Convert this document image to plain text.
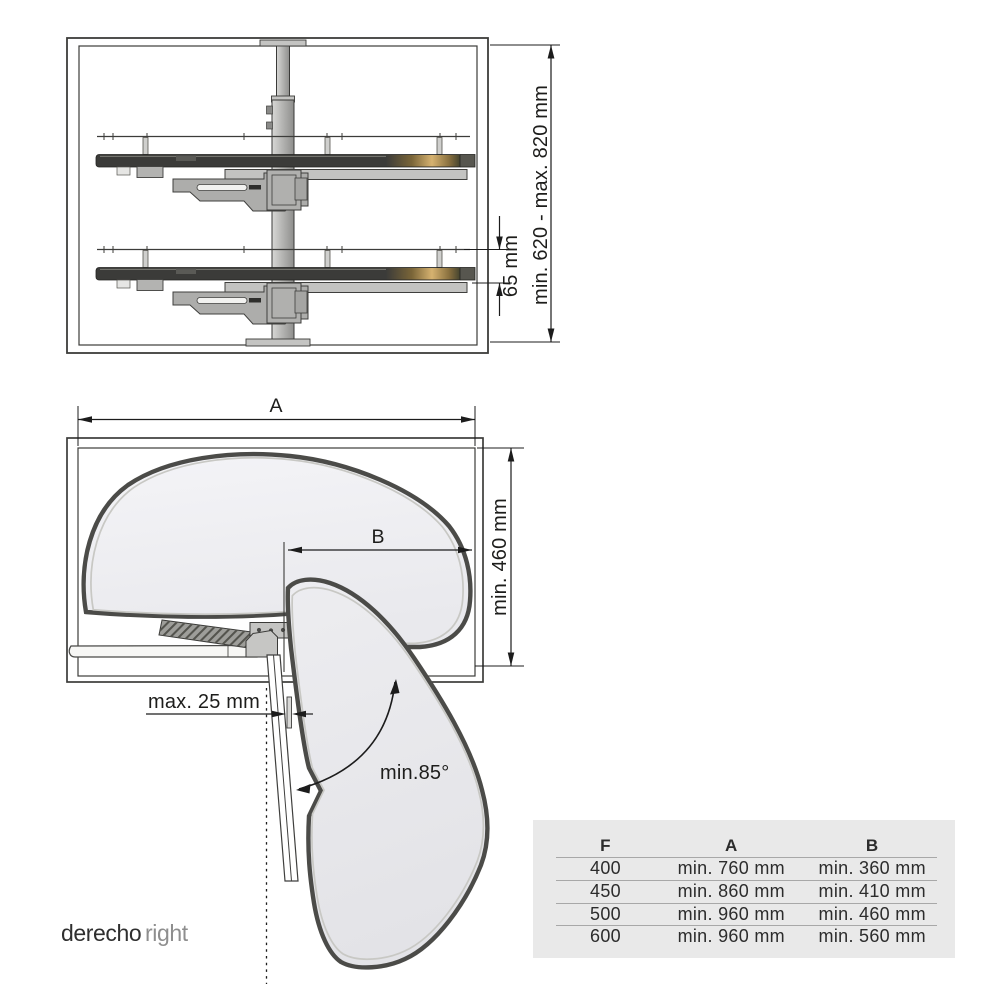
min. 620 - max. 820 mm
65 mm
A
B	min. 460 mm
max. 25 mm
min.85°
derecho right
F	A	B
400	min. 760 mm	min. 360 mm
450	min. 860 mm	min. 410 mm
500	min. 960 mm	min. 460 mm
600	min. 960 mm	min. 560 mm
